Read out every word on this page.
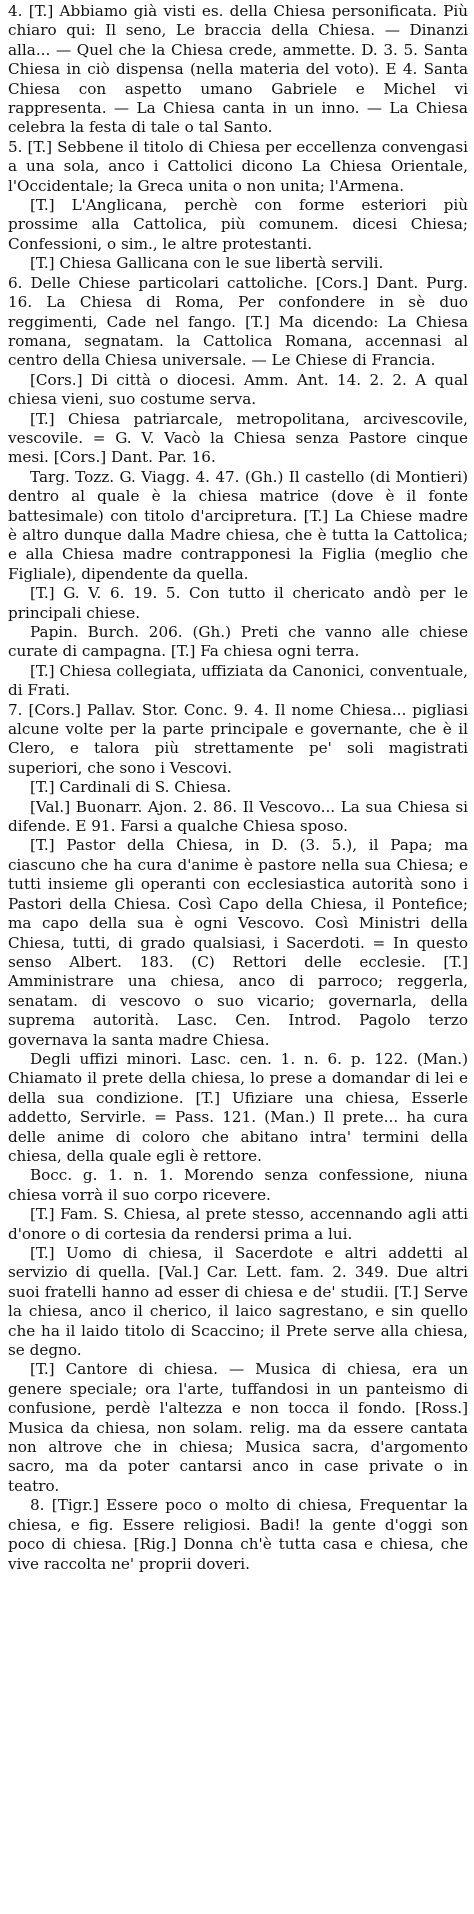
4. [T.] Abbiamo già visti es. della Chiesa personificata. Più chiaro qui: Il seno, Le braccia della Chiesa. — Dinanzi alla... — Quel che la Chiesa crede, ammette. D. 3. 5. Santa Chiesa in ciò dispensa (nella materia del voto). E 4. Santa Chiesa con aspetto umano Gabriele e Michel vi rappresenta. — La Chiesa canta in un inno. — La Chiesa celebra la festa di tale o tal Santo.

5. [T.] Sebbene il titolo di Chiesa per eccellenza convengasi a una sola, anco i Cattolici dicono La Chiesa Orientale, l'Occidentale; la Greca unita o non unita; l'Armena.

[T.] L'Anglicana, perchè con forme esteriori più prossime alla Cattolica, più comunem. dicesi Chiesa; Confessioni, o sim., le altre protestanti.

[T.] Chiesa Gallicana con le sue libertà servili.

6. Delle Chiese particolari cattoliche. [Cors.] Dant. Purg. 16. La Chiesa di Roma, Per confondere in sè duo reggimenti, Cade nel fango. [T.] Ma dicendo: La Chiesa romana, segnatam. la Cattolica Romana, accennasi al centro della Chiesa universale. — Le Chiese di Francia.

[Cors.] Di città o diocesi. Amm. Ant. 14. 2. 2. A qual chiesa vieni, suo costume serva.

[T.] Chiesa patriarcale, metropolitana, arcivescovile, vescovile. = G. V. Vacò la Chiesa senza Pastore cinque mesi. [Cors.] Dant. Par. 16.

Targ. Tozz. G. Viagg. 4. 47. (Gh.) Il castello (di Montieri) dentro al quale è la chiesa matrice (dove è il fonte battesimale) con titolo d'arcipretura. [T.] La Chiese madre è altro dunque dalla Madre chiesa, che è tutta la Cattolica; e alla Chiesa madre contrapponesi la Figlia (meglio che Figliale), dipendente da quella.

[T.] G. V. 6. 19. 5. Con tutto il chericato andò per le principali chiese.

Papin. Burch. 206. (Gh.) Preti che vanno alle chiese curate di campagna. [T.] Fa chiesa ogni terra.

[T.] Chiesa collegiata, uffiziata da Canonici, conventuale, di Frati.

7. [Cors.] Pallav. Stor. Conc. 9. 4. Il nome Chiesa... pigliasi alcune volte per la parte principale e governante, che è il Clero, e talora più strettamente pe' soli magistrati superiori, che sono i Vescovi.

[T.] Cardinali di S. Chiesa.

[Val.] Buonarr. Ajon. 2. 86. Il Vescovo... La sua Chiesa si difende. E 91. Farsi a qualche Chiesa sposo.

[T.] Pastor della Chiesa, in D. (3. 5.), il Papa; ma ciascuno che ha cura d'anime è pastore nella sua Chiesa; e tutti insieme gli operanti con ecclesiastica autorità sono i Pastori della Chiesa. Così Capo della Chiesa, il Pontefice; ma capo della sua è ogni Vescovo. Così Ministri della Chiesa, tutti, di grado qualsiasi, i Sacerdoti. = In questo senso Albert. 183. (C) Rettori delle ecclesie. [T.] Amministrare una chiesa, anco di parroco; reggerla, senatam. di vescovo o suo vicario; governarla, della suprema autorità. Lasc. Cen. Introd. Pagolo terzo governava la santa madre Chiesa.

Degli uffizi minori. Lasc. cen. 1. n. 6. p. 122. (Man.) Chiamato il prete della chiesa, lo prese a domandar di lei e della sua condizione. [T.] Ufiziare una chiesa, Esserle addetto, Servirle. = Pass. 121. (Man.) Il prete... ha cura delle anime di coloro che abitano intra' termini della chiesa, della quale egli è rettore.

Bocc. g. 1. n. 1. Morendo senza confessione, niuna chiesa vorrà il suo corpo ricevere.

[T.] Fam. S. Chiesa, al prete stesso, accennando agli atti d'onore o di cortesia da rendersi prima a lui.

[T.] Uomo di chiesa, il Sacerdote e altri addetti al servizio di quella. [Val.] Car. Lett. fam. 2. 349. Due altri suoi fratelli hanno ad esser di chiesa e de' studii. [T.] Serve la chiesa, anco il cherico, il laico sagrestano, e sin quello che ha il laido titolo di Scaccino; il Prete serve alla chiesa, se degno.

[T.] Cantore di chiesa. — Musica di chiesa, era un genere speciale; ora l'arte, tuffandosi in un panteismo di confusione, perdè l'altezza e non tocca il fondo. [Ross.] Musica da chiesa, non solam. relig. ma da essere cantata non altrove che in chiesa; Musica sacra, d'argomento sacro, ma da poter cantarsi anco in case private o in teatro.

8. [Tigr.] Essere poco o molto di chiesa, Frequentar la chiesa, e fig. Essere religiosi. Badi! la gente d'oggi son poco di chiesa. [Rig.] Donna ch'è tutta casa e chiesa, che vive raccolta ne' proprii doveri.
